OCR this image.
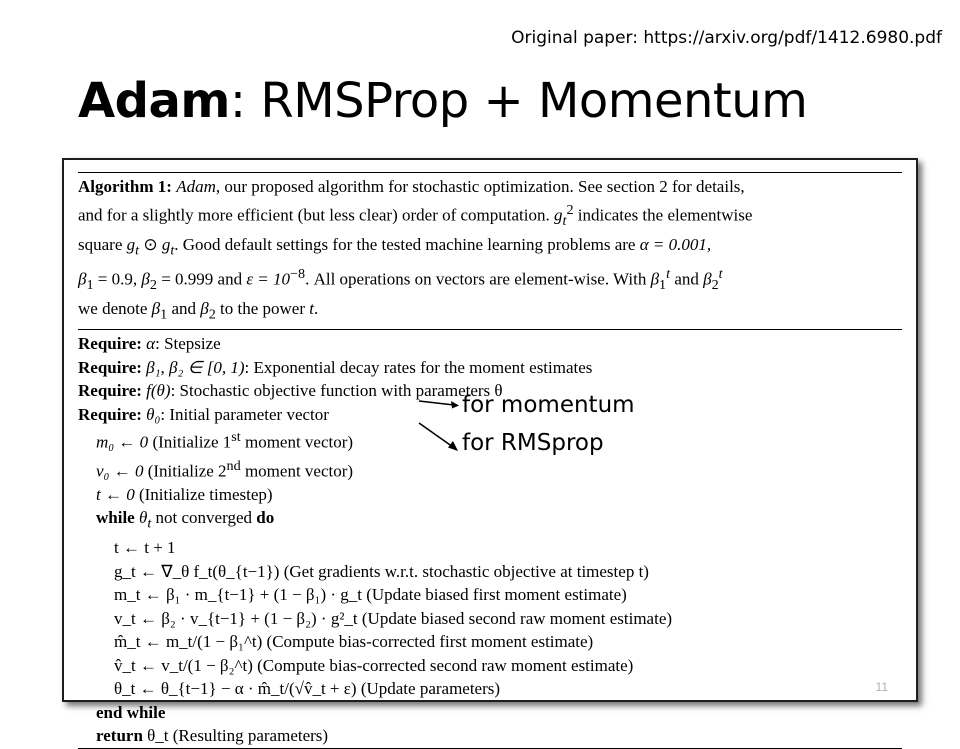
Original paper: https://arxiv.org/pdf/1412.6980.pdf
Adam: RMSProp + Momentum
Algorithm 1: Adam, our proposed algorithm for stochastic optimization. See section 2 for details,
and for a slightly more efficient (but less clear) order of computation. $g_t^2$ indicates the elementwise
square $g_t$ ⊙ $g_t$. Good default settings for the tested machine learning problems are α = 0.001,
$\beta_1 = 0.9$, $\beta_2 = 0.999$ and $\varepsilon = 10^{-8}$. All operations on vectors are element-wise. With $\beta_1^t$ and $\beta_2^t$
we denote $\beta_1$ and $\beta_2$ to the power t.
Require: α: Stepsize
Require: β₁, β₂ ∈ [0, 1): Exponential decay rates for the moment estimates
Require: f(θ): Stochastic objective function with parameters θ
Require: θ₀: Initial parameter vector
m₀ ← 0 (Initialize 1st moment vector)
v₀ ← 0 (Initialize 2nd moment vector)
t ← 0 (Initialize timestep)
while $\theta_t$ not converged do
t ← t + 1
g_t ← ∇_θ f_t(θ_{t−1}) (Get gradients w.r.t. stochastic objective at timestep t)
m_t ← β₁ · m_{t−1} + (1 − β₁) · g_t (Update biased first moment estimate)
v_t ← β₂ · v_{t−1} + (1 − β₂) · g²_t (Update biased second raw moment estimate)
m̂_t ← m_t/(1 − β₁^t) (Compute bias-corrected first moment estimate)
v̂_t ← v_t/(1 − β₂^t) (Compute bias-corrected second raw moment estimate)
θ_t ← θ_{t−1} − α · m̂_t/(√v̂_t + ε) (Update parameters)
end while
return θ_t (Resulting parameters)
11
for momentum
for RMSprop
